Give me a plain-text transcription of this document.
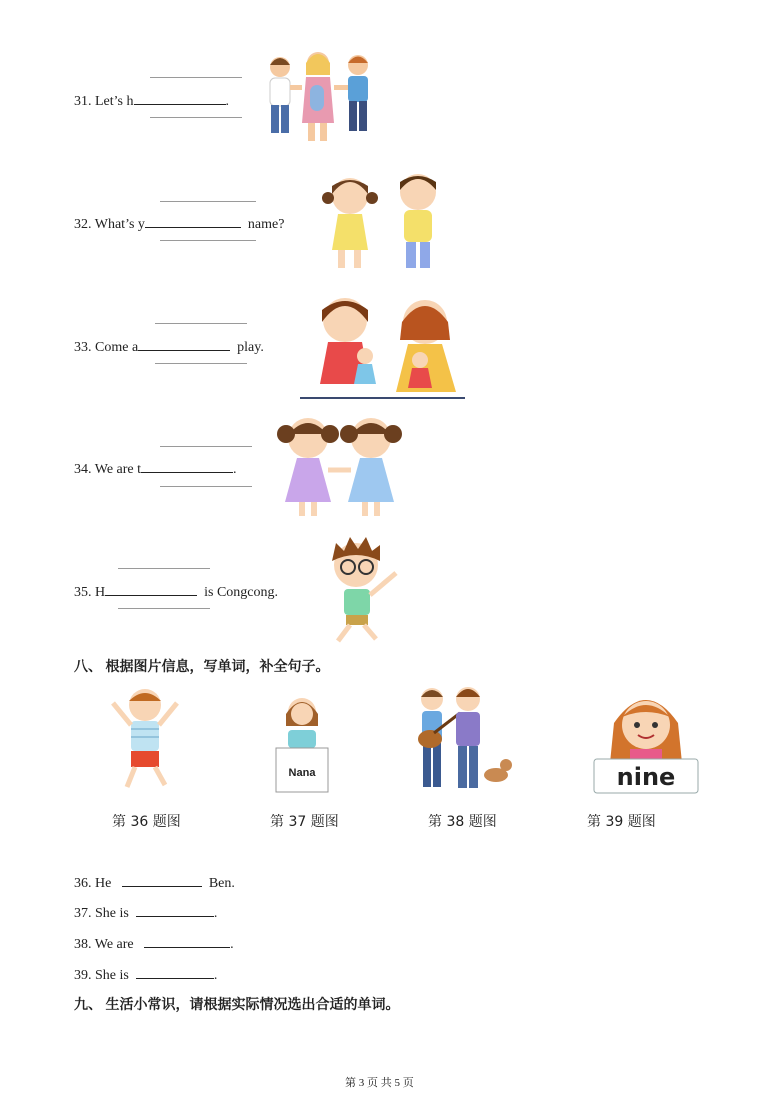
31. Let’s h	.
32. What’s y	name?
33. Come a	play.
34. We are t	.
35. H	is Congcong.
八、 根据图片信息，写单词，补全句子。
Nana	nine
第 36 题图	第 37 题图	第 38 题图	第 39 题图
36. He	Ben.
37. She is	.
38. We are	.
39. She is	.
九、 生活小常识，请根据实际情况选出合适的单词。
第 3 页 共 5 页
